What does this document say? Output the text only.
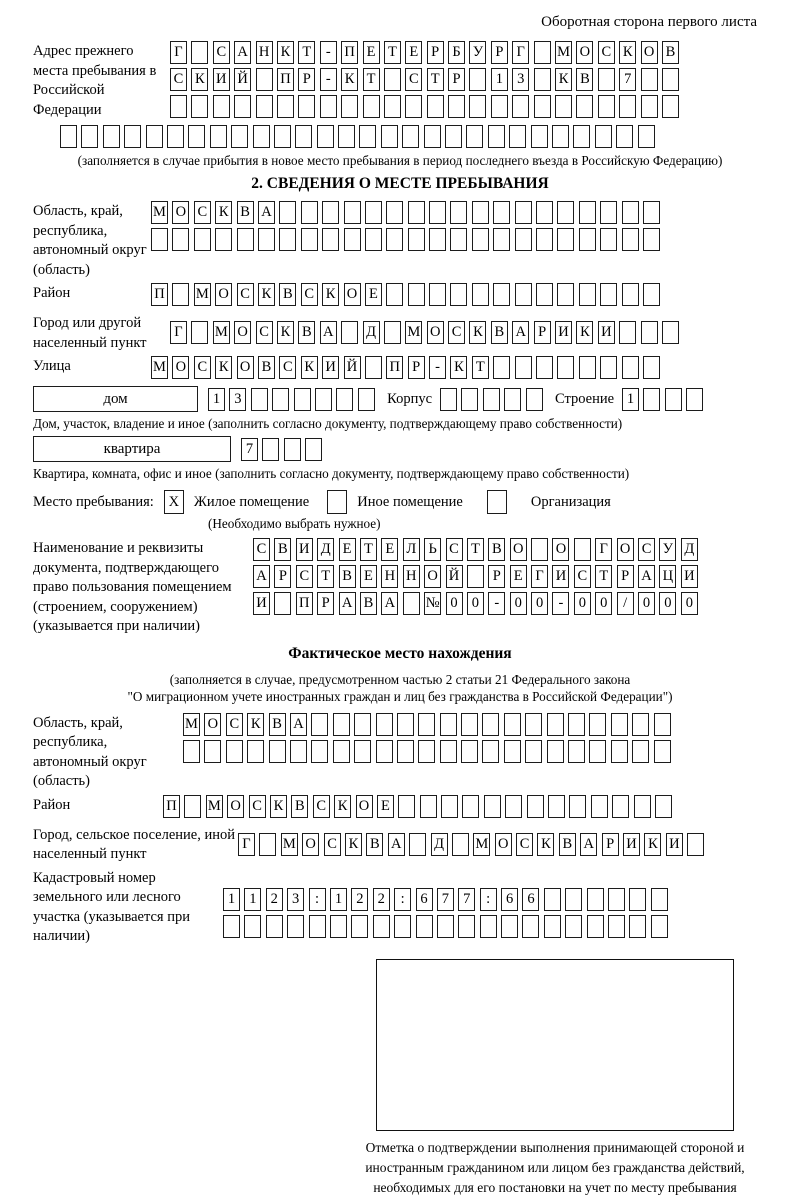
Оборотная сторона первого листа
Адрес прежнего места пребывания в Российской Федерации
Г С А Н К Т	- П Е Т Е Р Б У Р Г М О С К О В
С К И Й П Р	- К Т С Т Р	1 3	К В	7
(заполняется в случае прибытия в новое место пребывания в период последнего въезда в Российскую Федерацию)
2. СВЕДЕНИЯ О МЕСТЕ ПРЕБЫВАНИЯ
Область, край, республика, автономный округ (область)
М О С К В А
Район	П М О С К В С К О Е
Город или другой населенный пункт
Г М О С К В А Д М О С К В А Р И К И
Улица	М О С К О В С К И Й П Р	- К Т
дом	1 3	Корпус	Строение 1
Дом, участок, владение и иное (заполнить согласно документу, подтверждающему право собственности)
квартира	7
Квартира, комната, офис и иное (заполнить согласно документу, подтверждающему право собственности)
Место пребывания:	X	Жилое помещение	Иное помещение	Организация
(Необходимо выбрать нужное)
Наименование и реквизиты документа, подтверждающего право пользования помещением (строением, сооружением) (указывается при наличии)
С В И Д Е Т Е Л Ь С Т В О О Г О С У Д
А Р С Т В Е Н Н О Й	Р Е Г И С Т Р А Ц И
И П Р А В А № 0 0	-	0 0	-	0 0	/	0 0 0
Фактическое место нахождения
(заполняется в случае, предусмотренном частью 2 статьи 21 Федерального закона
"О миграционном учете иностранных граждан и лиц без гражданства в Российской Федерации")
Область, край, республика, автономный округ (область)
М О С К В А
Район	П М О С К В С К О Е
Город, сельское поселение, иной населенный пункт
Г М О С К В А Д М О С К В А Р И К И
Кадастровый номер земельного или лесного участка (указывается при наличии)
1 1 2 3	:	1 2 2	:	6 7 7	:	6 6
Отметка о подтверждении выполнения принимающей стороной и иностранным гражданином или лицом без гражданства действий, необходимых для его постановки на учет по месту пребывания
